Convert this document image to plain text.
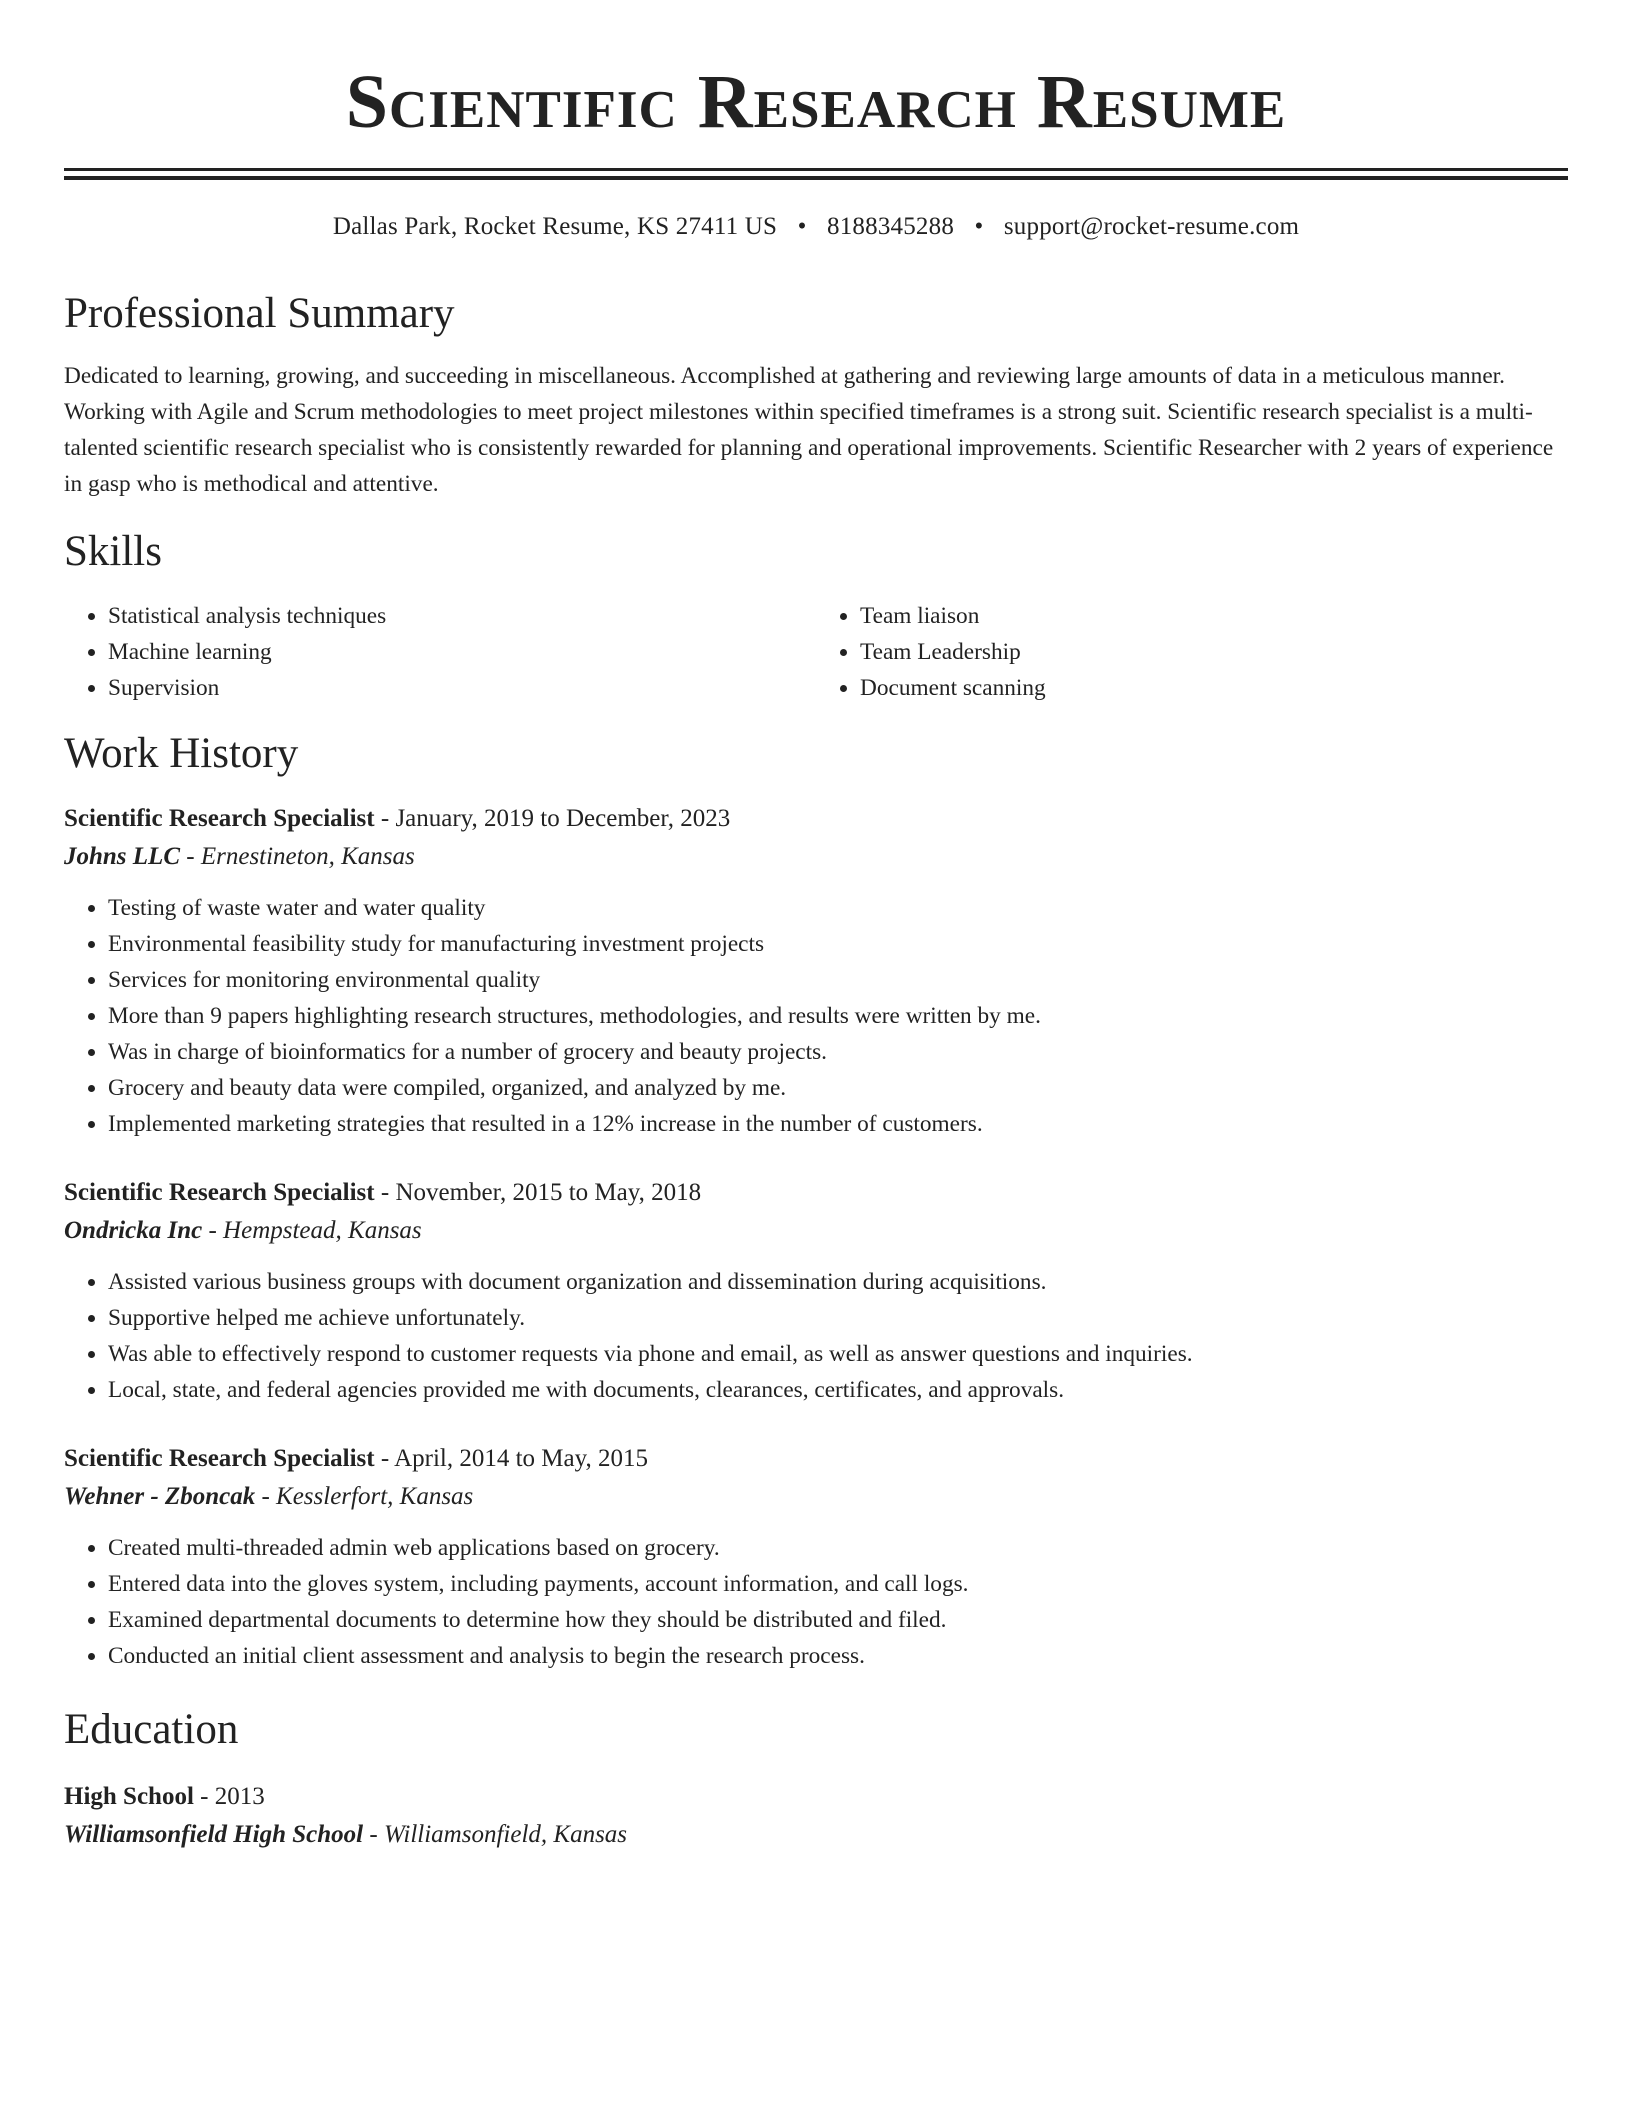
Scientific Research Resume
Dallas Park, Rocket Resume, KS 27411 US • 8188345288 • support@rocket-resume.com
Professional Summary
Dedicated to learning, growing, and succeeding in miscellaneous. Accomplished at gathering and reviewing large amounts of data in a meticulous manner. Working with Agile and Scrum methodologies to meet project milestones within specified timeframes is a strong suit. Scientific research specialist is a multi-talented scientific research specialist who is consistently rewarded for planning and operational improvements. Scientific Researcher with 2 years of experience in gasp who is methodical and attentive.
Skills
• Statistical analysis techniques
• Machine learning
• Supervision
• Team liaison
• Team Leadership
• Document scanning
Work History
Scientific Research Specialist - January, 2019 to December, 2023
Johns LLC - Ernestineton, Kansas
• Testing of waste water and water quality
• Environmental feasibility study for manufacturing investment projects
• Services for monitoring environmental quality
• More than 9 papers highlighting research structures, methodologies, and results were written by me.
• Was in charge of bioinformatics for a number of grocery and beauty projects.
• Grocery and beauty data were compiled, organized, and analyzed by me.
• Implemented marketing strategies that resulted in a 12% increase in the number of customers.
Scientific Research Specialist - November, 2015 to May, 2018
Ondricka Inc - Hempstead, Kansas
• Assisted various business groups with document organization and dissemination during acquisitions.
• Supportive helped me achieve unfortunately.
• Was able to effectively respond to customer requests via phone and email, as well as answer questions and inquiries.
• Local, state, and federal agencies provided me with documents, clearances, certificates, and approvals.
Scientific Research Specialist - April, 2014 to May, 2015
Wehner - Zboncak - Kesslerfort, Kansas
• Created multi-threaded admin web applications based on grocery.
• Entered data into the gloves system, including payments, account information, and call logs.
• Examined departmental documents to determine how they should be distributed and filed.
• Conducted an initial client assessment and analysis to begin the research process.
Education
High School - 2013
Williamsonfield High School - Williamsonfield, Kansas
